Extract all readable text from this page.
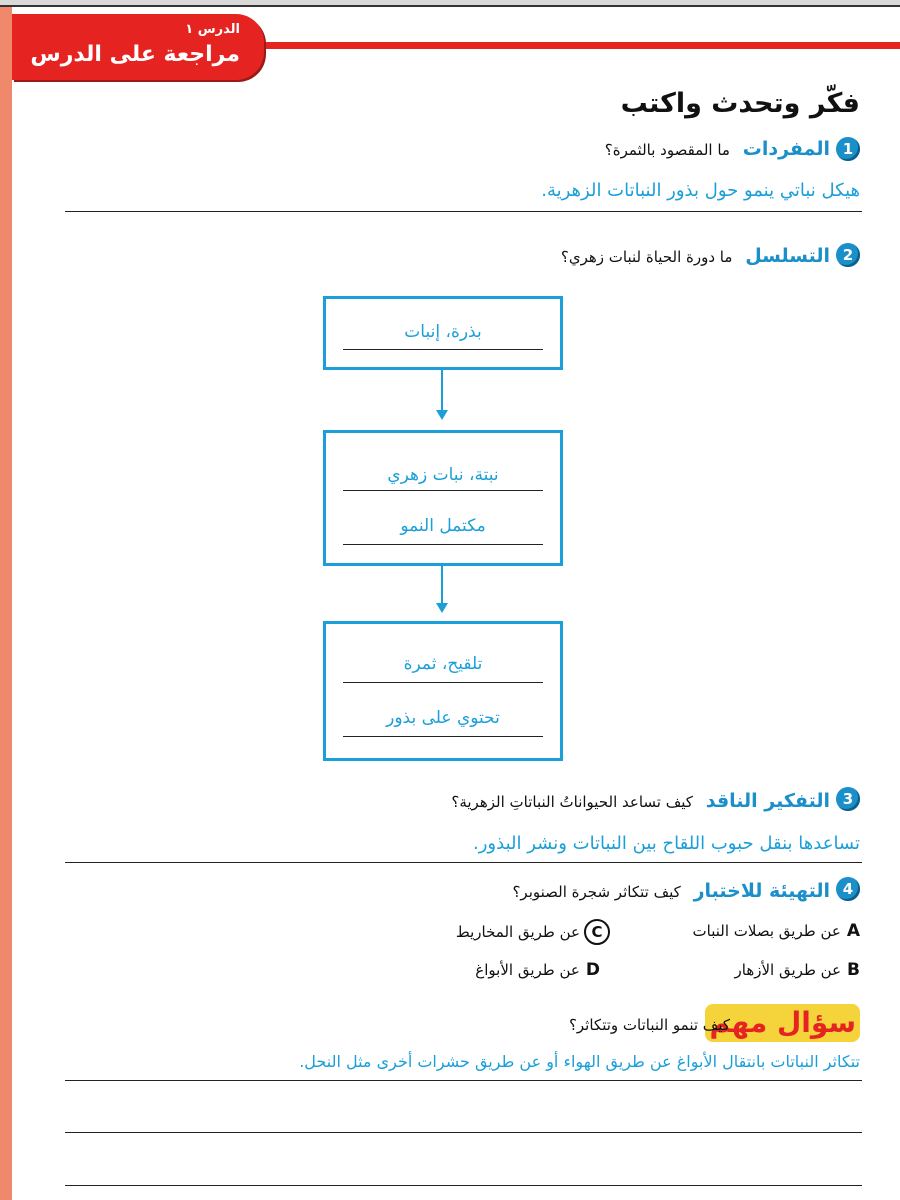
الدرس ١
مراجعة على الدرس
فكّر وتحدث واكتب
1
المفردات ما المقصود بالثمرة؟
هيكل نباتي ينمو حول بذور النباتات الزهرية.
2
التسلسل ما دورة الحياة لنبات زهري؟
بذرة، إنبات
نبتة، نبات زهري
مكتمل النمو
تلقيح، ثمرة
تحتوي على بذور
3
التفكير الناقد كيف تساعد الحيواناتُ النباتاتِ الزهرية؟
تساعدها بنقل حبوب اللقاح بين النباتات ونشر البذور.
4
التهيئة للاختبار كيف تتكاثر شجرة الصنوبر؟
Aعن طريق بصلات النبات
Cعن طريق المخاريط
Bعن طريق الأزهار
Dعن طريق الأبواغ
سؤال مهم
كيف تنمو النباتات وتتكاثر؟
تتكاثر النباتات بانتقال الأبواغ عن طريق الهواء أو عن طريق حشرات أخرى مثل النحل.
